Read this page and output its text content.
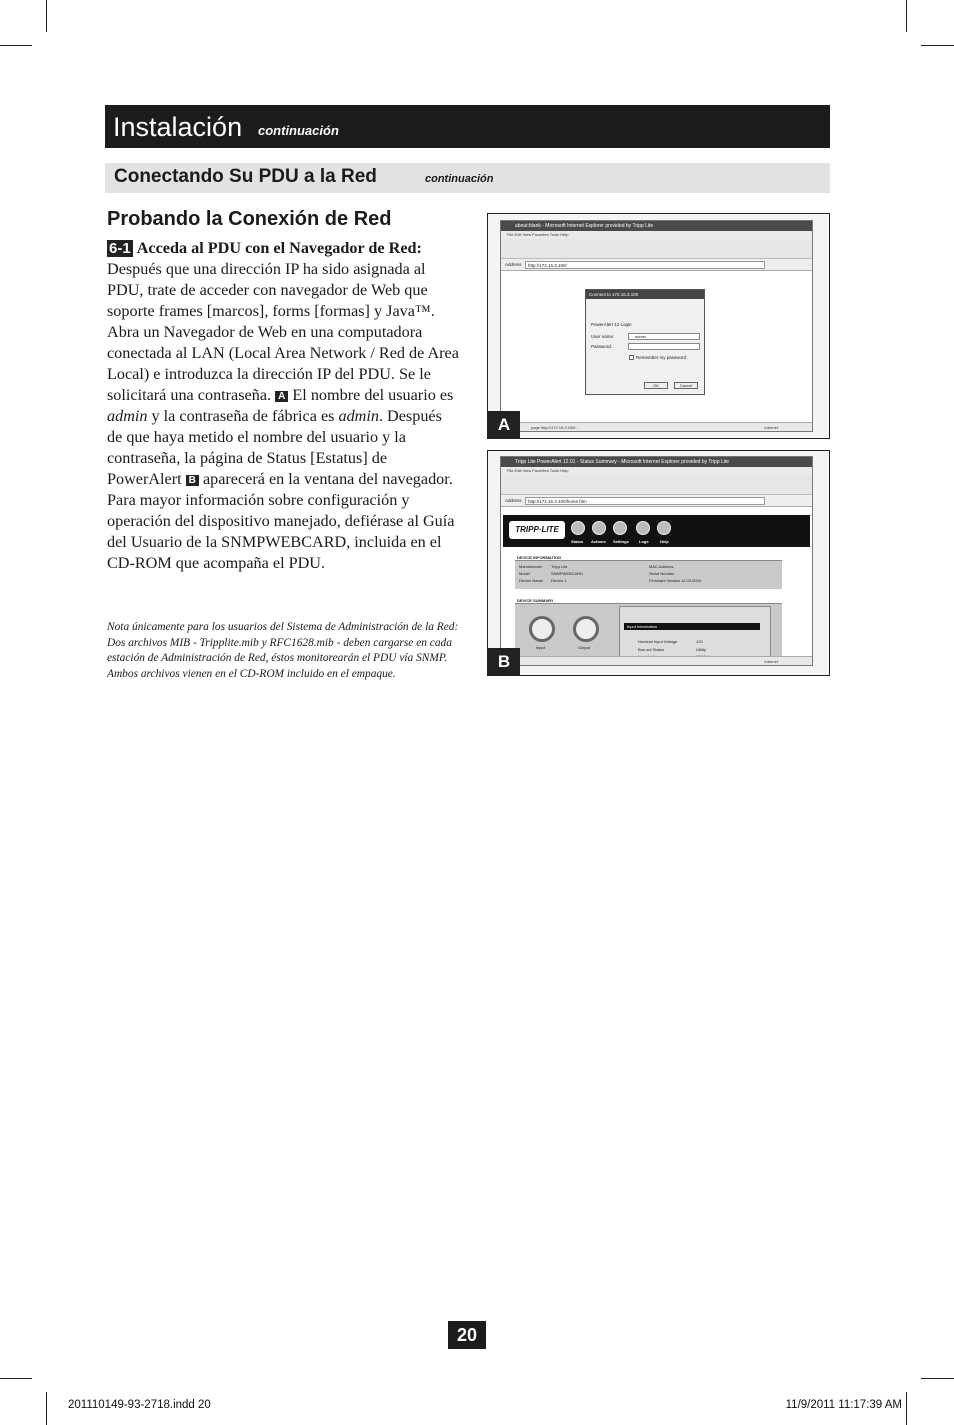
Instalación continuación
Conectando Su PDU a la Red	continuación
Probando la Conexión de Red
6-1 Acceda al PDU con el Navegador de Red:
Después que una dirección IP ha sido asignada al PDU, trate de acceder con navegador de Web que soporte frames [marcos], forms [formas] y Java™. Abra un Navegador de Web en una computadora conectada al LAN (Local Area Network / Red de Area Local) e introduzca la dirección IP del PDU. Se le solicitará una contraseña. A El nombre del usuario es admin y la contraseña de fábrica es admin. Después de que haya metido el nombre del usuario y la contraseña, la página de Status [Estatus] de PowerAlert B aparecerá en la ventana del navegador. Para mayor información sobre configuración y operación del dispositivo manejado, defiérase al Guía del Usuario de la SNMPWEBCARD, incluida en el CD-ROM que acompaña el PDU.
Nota únicamente para los usuarios del Sistema de Administración de la Red: Dos archivos MIB - Tripplite.mib y RFC1628.mib - deben cargarse en cada estación de Administración de Red, éstos monitorearán el PDU vía SNMP. Ambos archivos vienen en el CD-ROM incluido en el empaque.
about:blank - Microsoft Internet Explorer provided by Tripp Lite
File Edit View Favorites Tools Help
Address	http://172.16.3.100/
Connect to 172.16.3.100
PowerAlert 12 Login
User name:	admin
Password:
Remember my password
OK	Cancel
page http://172.16.3.100/...	Internet
A
Tripp Lite PowerAlert 12.01 - Status Summary - Microsoft Internet Explorer provided by Tripp Lite
File Edit View Favorites Tools Help
Address	http://172.16.3.100/home.htm
TRIPP·LITE
Status Actions Settings	Logs	Help
DEVICE INFORMATION
Manufacturer Tripp Lite	MAC Address
Model	SNMPWEBCARD	Serial Number
Device Name Device 1	Firmware Version 12.03.0024
DEVICE SUMMARY
Input	Output
Input Information
Nominal Input Voltage	120
Bus out Status	Utility
Internet
B
20
201110149-93-2718.indd 20	11/9/2011 11:17:39 AM
